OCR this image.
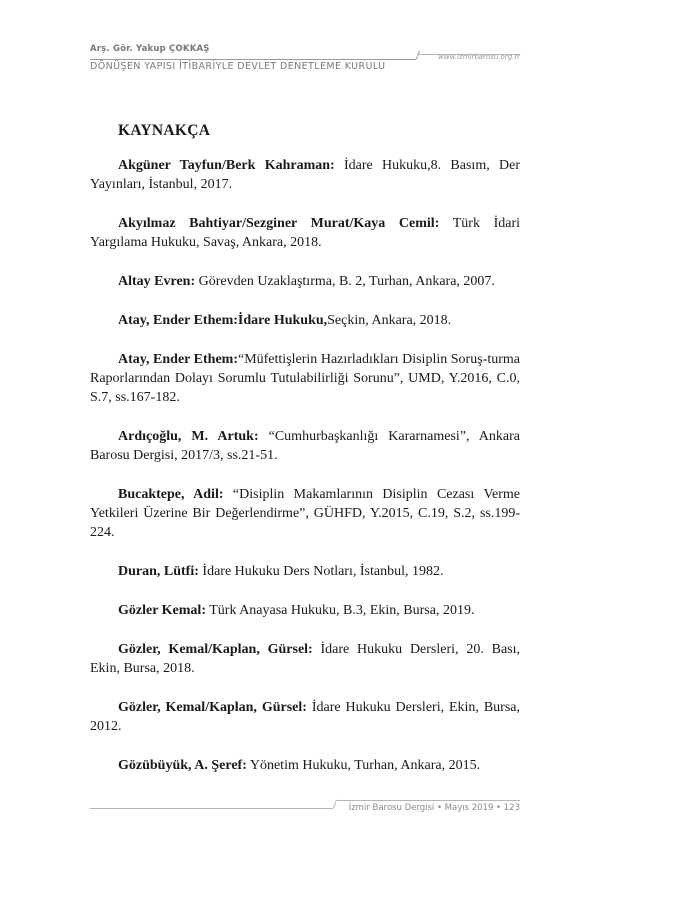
Arş. Gör. Yakup ÇOKKAŞ
www.izmirbarosu.org.tr
DÖNÜŞEN YAPISI İTİBARİYLE DEVLET DENETLEME KURULU
KAYNAKÇA

Akgüner Tayfun/Berk Kahraman: İdare Hukuku,8. Basım, Der Yayınları, İstanbul, 2017.

Akyılmaz Bahtiyar/Sezginer Murat/Kaya Cemil: Türk İdari Yargılama Hukuku, Savaş, Ankara, 2018.

Altay Evren: Görevden Uzaklaştırma, B. 2, Turhan, Ankara, 2007.

Atay, Ender Ethem:İdare Hukuku,Seçkin, Ankara, 2018.

Atay, Ender Ethem:“Müfettişlerin Hazırladıkları Disiplin Soruş-turma Raporlarından Dolayı Sorumlu Tutulabilirliği Sorunu”, UMD, Y.2016, C.0, S.7, ss.167-182.

Ardıçoğlu, M. Artuk: “Cumhurbaşkanlığı Kararnamesi”, Ankara Barosu Dergisi, 2017/3, ss.21-51.

Bucaktepe, Adil: “Disiplin Makamlarının Disiplin Cezası Verme Yetkileri Üzerine Bir Değerlendirme”, GÜHFD, Y.2015, C.19, S.2, ss.199-224.

Duran, Lütfi: İdare Hukuku Ders Notları, İstanbul, 1982.

Gözler Kemal: Türk Anayasa Hukuku, B.3, Ekin, Bursa, 2019.

Gözler, Kemal/Kaplan, Gürsel: İdare Hukuku Dersleri, 20. Bası, Ekin, Bursa, 2018.

Gözler, Kemal/Kaplan, Gürsel: İdare Hukuku Dersleri, Ekin, Bursa, 2012.

Gözübüyük, A. Şeref: Yönetim Hukuku, Turhan, Ankara, 2015.

İzmir Barosu Dergisi • Mayıs 2019 • 123
